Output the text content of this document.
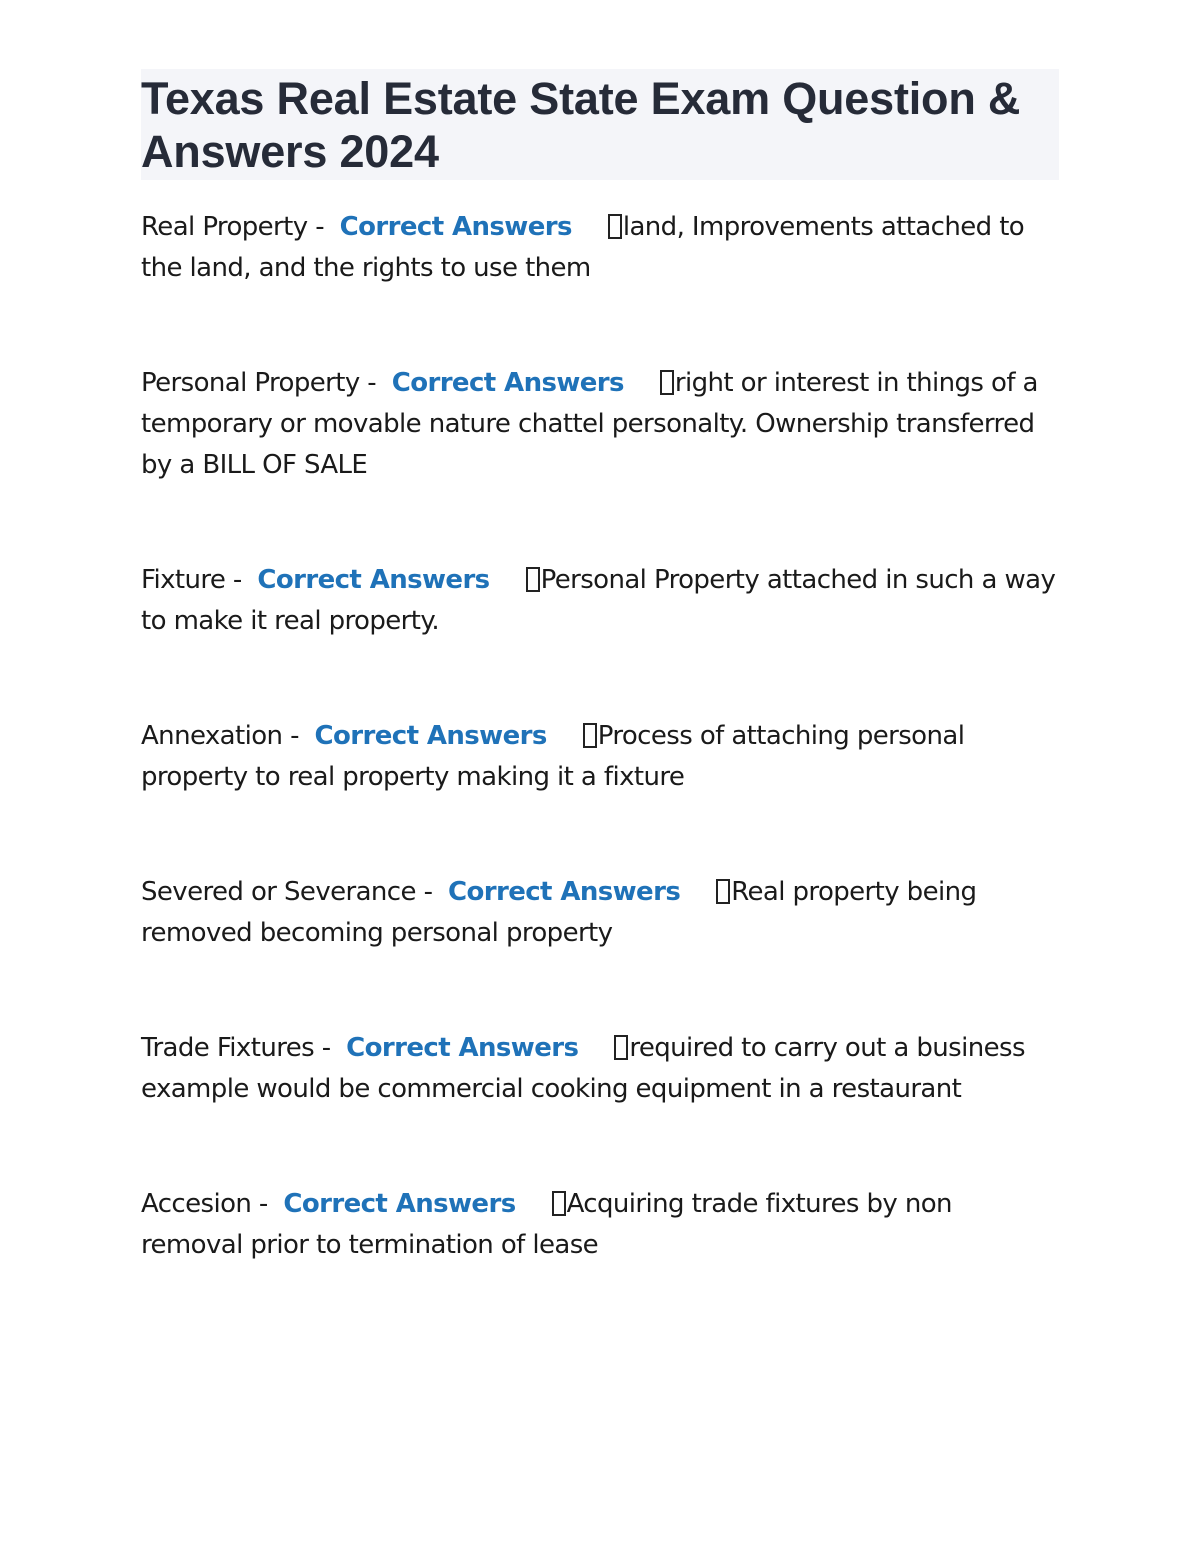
Texas Real Estate State Exam Question & Answers 2024

Real Property - Correct Answers land, Improvements attached to the land, and the rights to use them

Personal Property - Correct Answers right or interest in things of a temporary or movable nature chattel personalty. Ownership transferred by a BILL OF SALE

Fixture - Correct Answers Personal Property attached in such a way to make it real property.

Annexation - Correct Answers Process of attaching personal property to real property making it a fixture

Severed or Severance - Correct Answers Real property being removed becoming personal property

Trade Fixtures - Correct Answers required to carry out a business example would be commercial cooking equipment in a restaurant

Accesion - Correct Answers Acquiring trade fixtures by non removal prior to termination of lease
